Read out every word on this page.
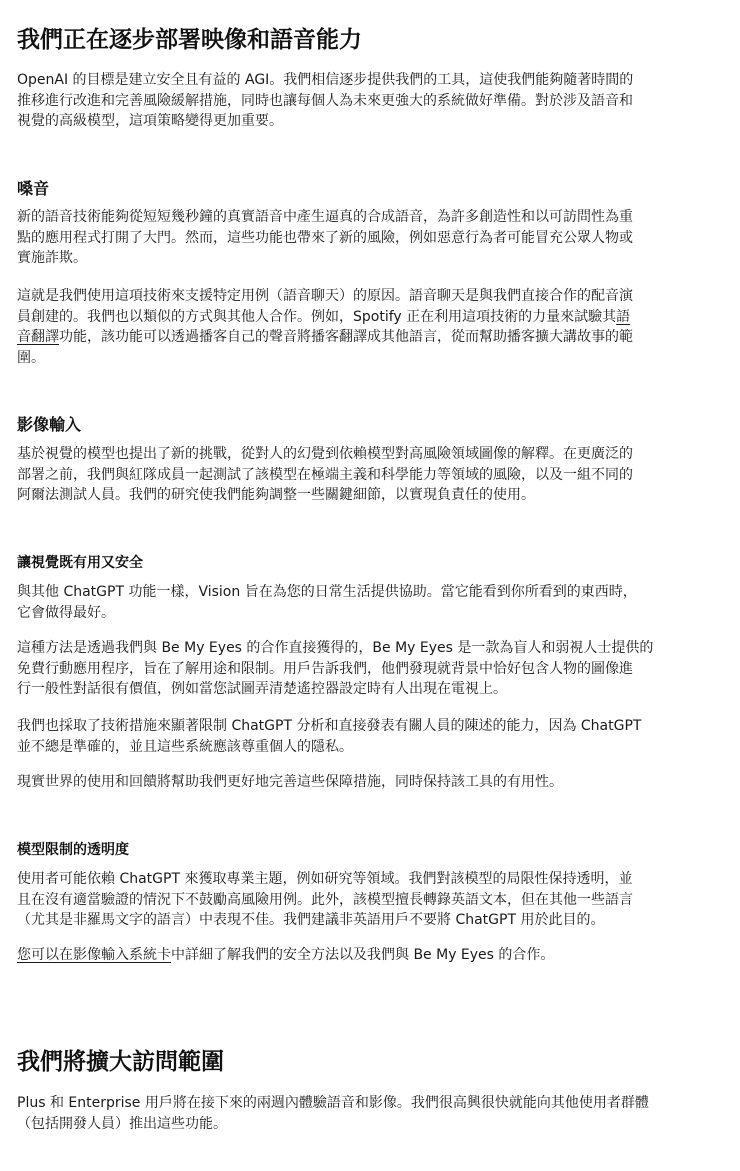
我們正在逐步部署映像和語音能力

OpenAI 的目標是建立安全且有益的 AGI。我們相信逐步提供我們的工具，這使我們能夠隨著時間的
推移進行改進和完善風險緩解措施，同時也讓每個人為未來更強大的系統做好準備。對於涉及語音和
視覺的高級模型，這項策略變得更加重要。

嗓音

新的語音技術能夠從短短幾秒鐘的真實語音中產生逼真的合成語音，為許多創造性和以可訪問性為重
點的應用程式打開了大門。然而，這些功能也帶來了新的風險，例如惡意行為者可能冒充公眾人物或
實施詐欺。

這就是我們使用這項技術來支援特定用例（語音聊天）的原因。語音聊天是與我們直接合作的配音演
員創建的。我們也以類似的方式與其他人合作。例如，Spotify 正在利用這項技術的力量來試驗其語
音翻譯功能，該功能可以透過播客自己的聲音將播客翻譯成其他語言，從而幫助播客擴大講故事的範
圍。

影像輸入

基於視覺的模型也提出了新的挑戰，從對人的幻覺到依賴模型對高風險領域圖像的解釋。在更廣泛的
部署之前，我們與紅隊成員一起測試了該模型在極端主義和科學能力等領域的風險，以及一組不同的
阿爾法測試人員。我們的研究使我們能夠調整一些關鍵細節，以實現負責任的使用。

讓視覺既有用又安全

與其他 ChatGPT 功能一樣，Vision 旨在為您的日常生活提供協助。當它能看到你所看到的東西時，
它會做得最好。

這種方法是透過我們與 Be My Eyes 的合作直接獲得的，Be My Eyes 是一款為盲人和弱視人士提供的
免費行動應用程序，旨在了解用途和限制。用戶告訴我們，他們發現就背景中恰好包含人物的圖像進
行一般性對話很有價值，例如當您試圖弄清楚遙控器設定時有人出現在電視上。

我們也採取了技術措施來顯著限制 ChatGPT 分析和直接發表有關人員的陳述的能力，因為 ChatGPT
並不總是準確的，並且這些系統應該尊重個人的隱私。

現實世界的使用和回饋將幫助我們更好地完善這些保障措施，同時保持該工具的有用性。

模型限制的透明度

使用者可能依賴 ChatGPT 來獲取專業主題，例如研究等領域。我們對該模型的局限性保持透明，並
且在沒有適當驗證的情況下不鼓勵高風險用例。此外，該模型擅長轉錄英語文本，但在其他一些語言
（尤其是非羅馬文字的語言）中表現不佳。我們建議非英語用戶不要將 ChatGPT 用於此目的。

您可以在影像輸入系統卡中詳細了解我們的安全方法以及我們與 Be My Eyes 的合作。

我們將擴大訪問範圍

Plus 和 Enterprise 用戶將在接下來的兩週內體驗語音和影像。我們很高興很快就能向其他使用者群體
（包括開發人員）推出這些功能。
